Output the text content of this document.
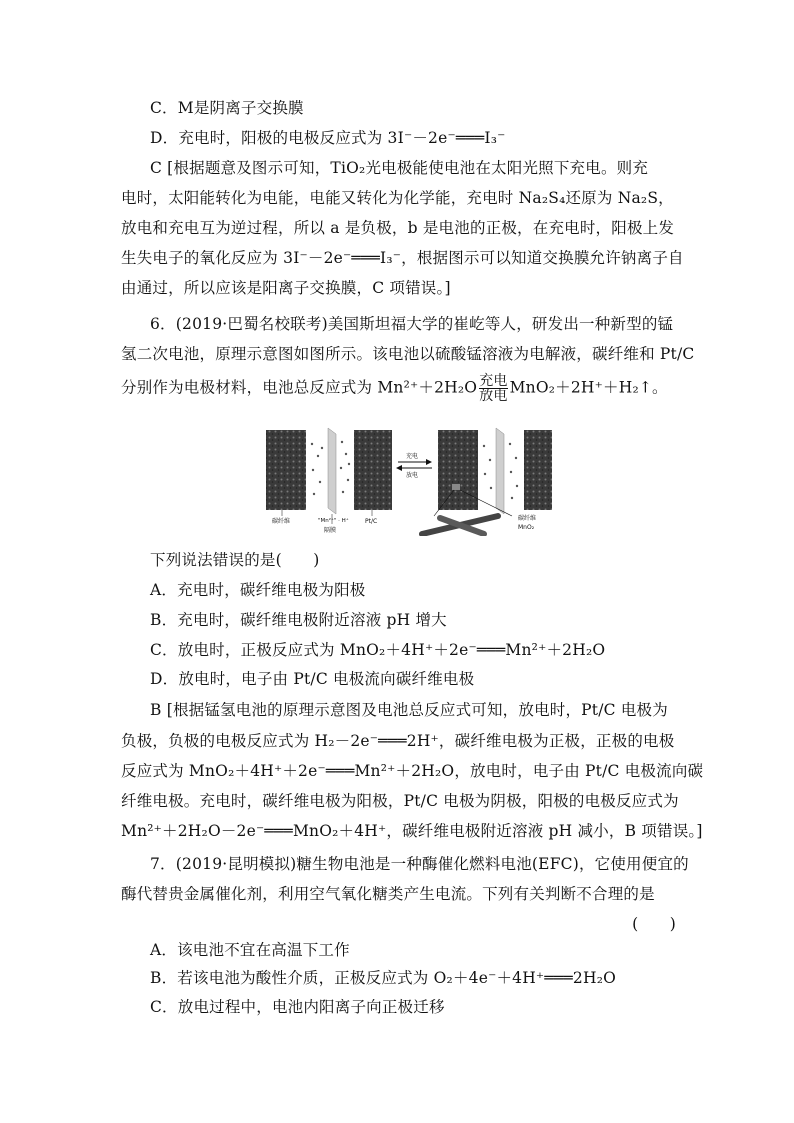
C．M是阴离子交换膜
D．充电时，阳极的电极反应式为 3I⁻－2e⁻═══I₃⁻
C [根据题意及图示可知，TiO₂光电极能使电池在太阳光照下充电。则充
电时，太阳能转化为电能，电能又转化为化学能，充电时 Na₂S₄还原为 Na₂S，
放电和充电互为逆过程，所以 a 是负极，b 是电池的正极，在充电时，阳极上发
生失电子的氧化反应为 3I⁻－2e⁻═══I₃⁻，根据图示可以知道交换膜允许钠离子自
由通过，所以应该是阳离子交换膜，C 项错误。]
6．(2019·巴蜀名校联考)美国斯坦福大学的崔屹等人，研发出一种新型的锰
氢二次电池，原理示意图如图所示。该电池以硫酸锰溶液为电解液，碳纤维和 Pt/C
分别作为电极材料，电池总反应式为 Mn²⁺＋2H₂O 充电
放电 MnO₂＋2H⁺＋H₂↑。
充电
放电
碳纤维	"Mn²⁺" · H⁺
隔膜
Pt/C	碳纤维
MnO₂
下列说法错误的是(　　)
A．充电时，碳纤维电极为阳极
B．充电时，碳纤维电极附近溶液 pH 增大
C．放电时，正极反应式为 MnO₂＋4H⁺＋2e⁻═══Mn²⁺＋2H₂O
D．放电时，电子由 Pt/C 电极流向碳纤维电极
B [根据锰氢电池的原理示意图及电池总反应式可知，放电时，Pt/C 电极为
负极，负极的电极反应式为 H₂－2e⁻═══2H⁺，碳纤维电极为正极，正极的电极
反应式为 MnO₂＋4H⁺＋2e⁻═══Mn²⁺＋2H₂O，放电时，电子由 Pt/C 电极流向碳
纤维电极。充电时，碳纤维电极为阳极，Pt/C 电极为阴极，阳极的电极反应式为
Mn²⁺＋2H₂O－2e⁻═══MnO₂＋4H⁺，碳纤维电极附近溶液 pH 减小，B 项错误。]
7．(2019·昆明模拟)糖生物电池是一种酶催化燃料电池(EFC)，它使用便宜的
酶代替贵金属催化剂，利用空气氧化糖类产生电流。下列有关判断不合理的是
(　　)
A．该电池不宜在高温下工作
B．若该电池为酸性介质，正极反应式为 O₂＋4e⁻＋4H⁺═══2H₂O
C．放电过程中，电池内阳离子向正极迁移
